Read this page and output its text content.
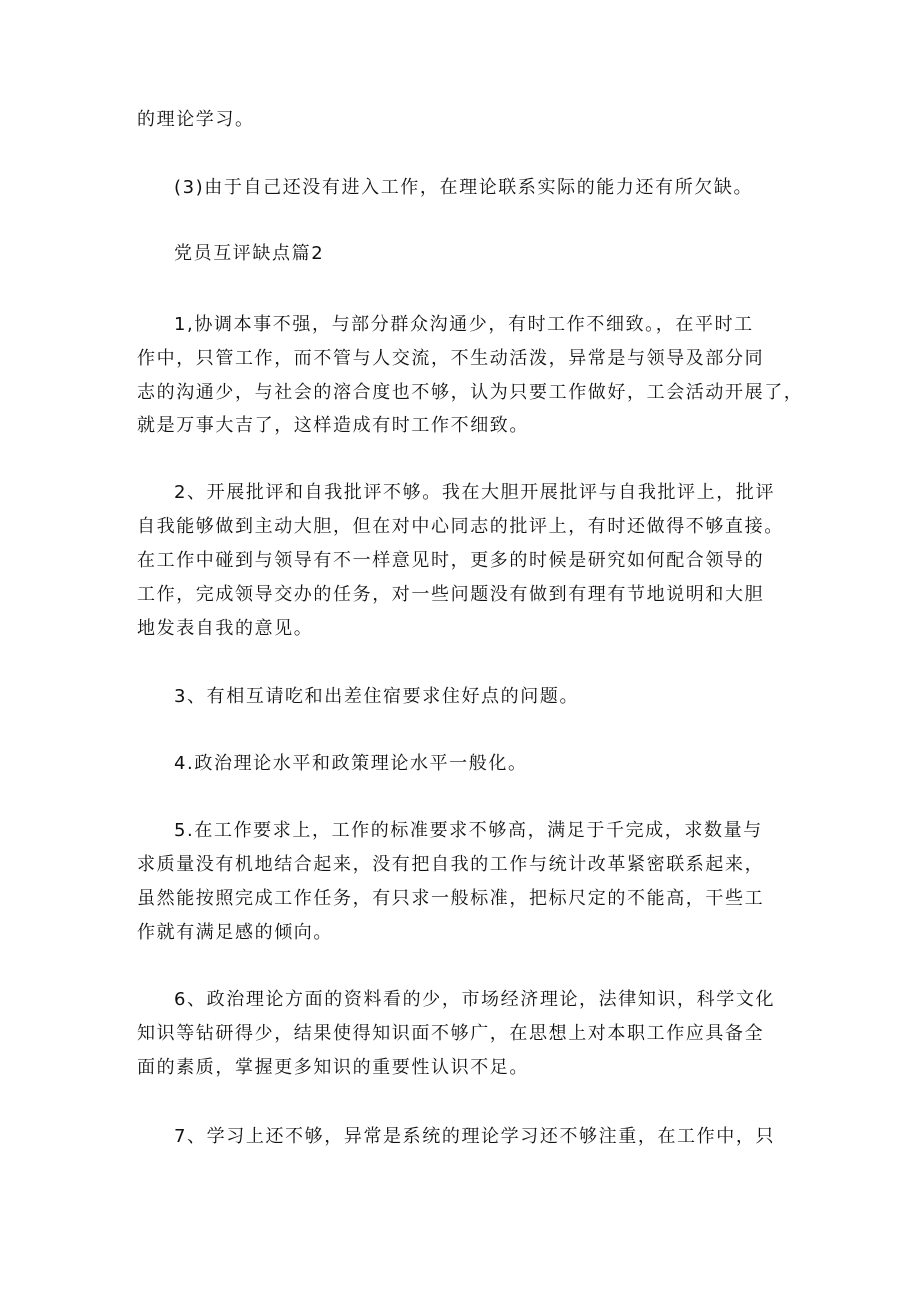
的理论学习。
(3)由于自己还没有进入工作，在理论联系实际的能力还有所欠缺。
党员互评缺点篇2
1,协调本事不强，与部分群众沟通少，有时工作不细致。，在平时工
作中，只管工作，而不管与人交流，不生动活泼，异常是与领导及部分同
志的沟通少，与社会的溶合度也不够，认为只要工作做好，工会活动开展了，
就是万事大吉了，这样造成有时工作不细致。
2、开展批评和自我批评不够。我在大胆开展批评与自我批评上，批评
自我能够做到主动大胆，但在对中心同志的批评上，有时还做得不够直接。
在工作中碰到与领导有不一样意见时，更多的时候是研究如何配合领导的
工作，完成领导交办的任务，对一些问题没有做到有理有节地说明和大胆
地发表自我的意见。
3、有相互请吃和出差住宿要求住好点的问题。
4.政治理论水平和政策理论水平一般化。
5.在工作要求上，工作的标准要求不够高，满足于千完成，求数量与
求质量没有机地结合起来，没有把自我的工作与统计改革紧密联系起来，
虽然能按照完成工作任务，有只求一般标准，把标尺定的不能高，干些工
作就有满足感的倾向。
6、政治理论方面的资料看的少，市场经济理论，法律知识，科学文化
知识等钻研得少，结果使得知识面不够广，在思想上对本职工作应具备全
面的素质，掌握更多知识的重要性认识不足。
7、学习上还不够，异常是系统的理论学习还不够注重，在工作中，只
